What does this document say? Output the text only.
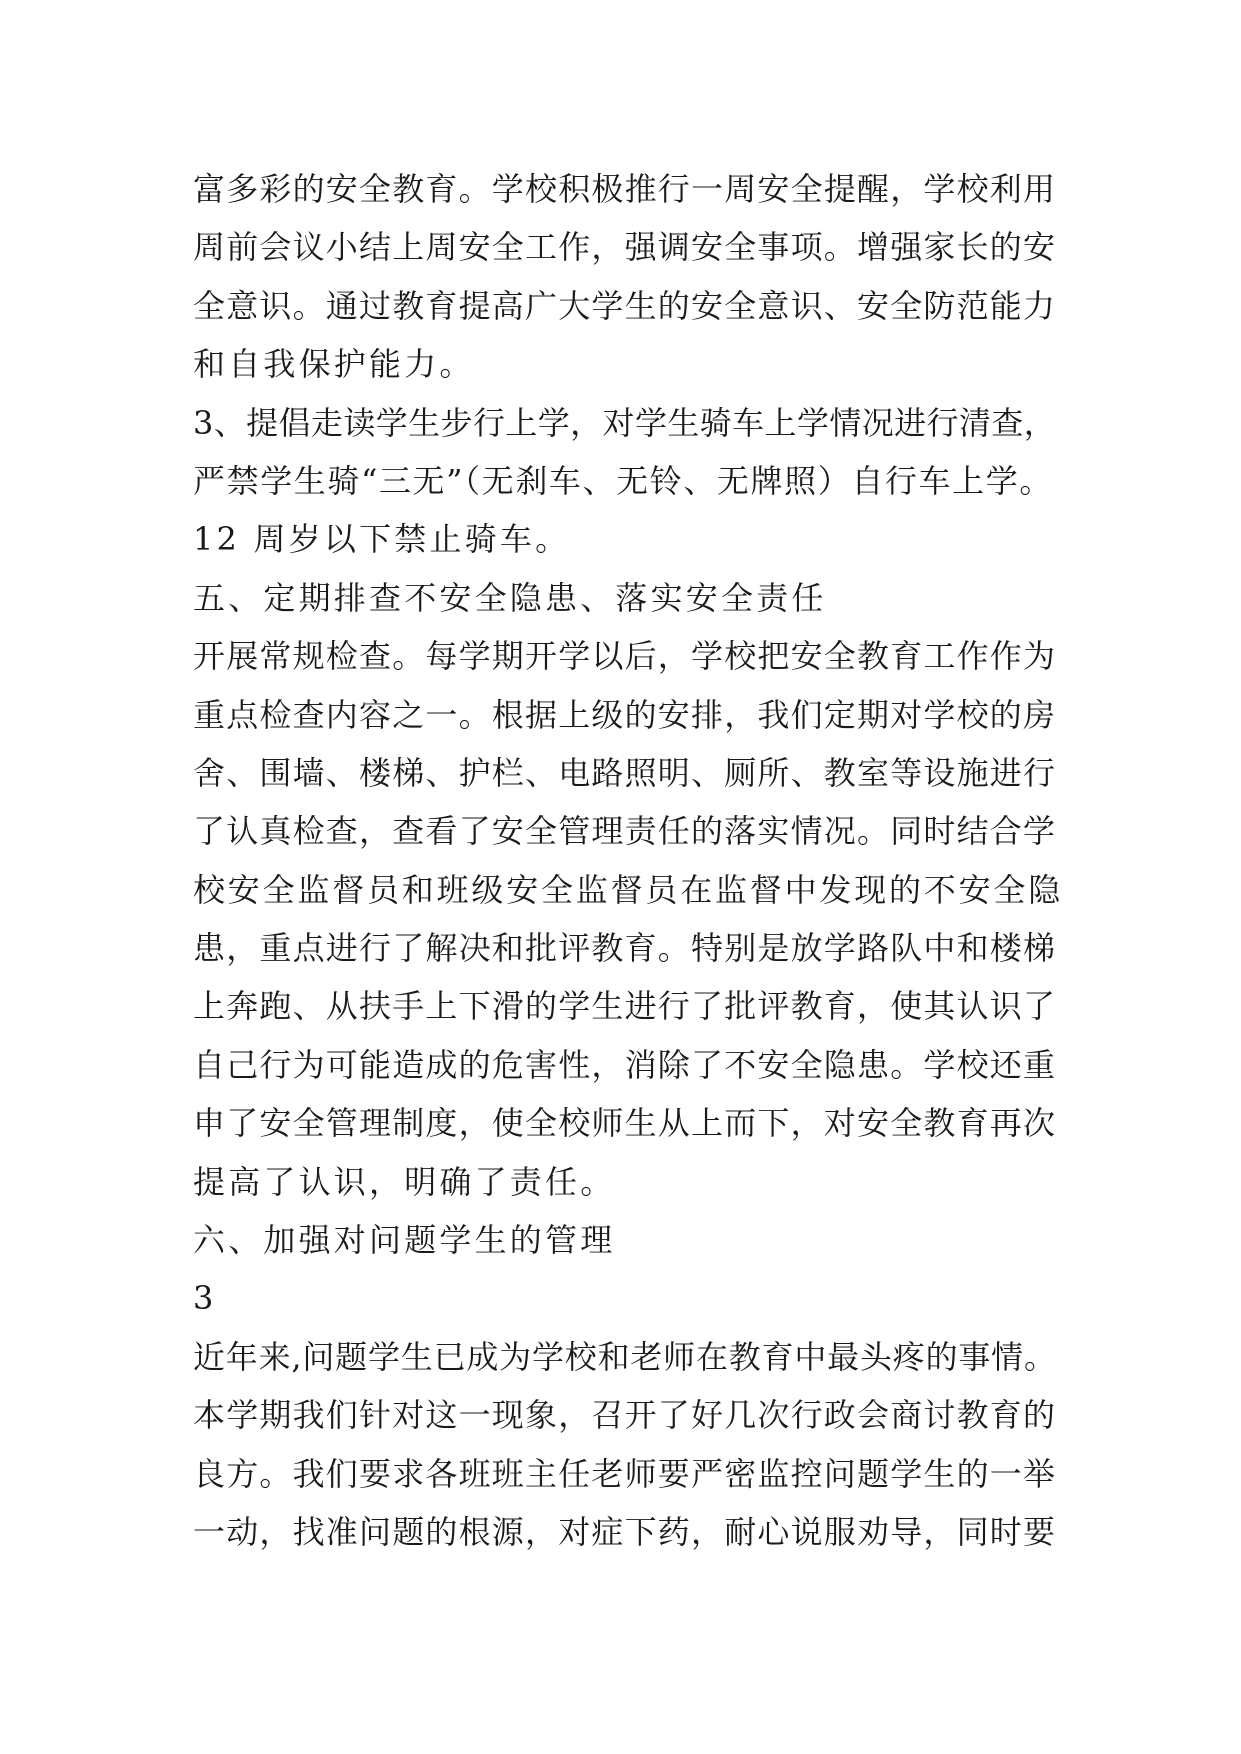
富多彩的安全教育。学校积极推行一周安全提醒，学校利用
周前会议小结上周安全工作，强调安全事项。增强家长的安
全意识。通过教育提高广大学生的安全意识、安全防范能力
和自我保护能力。
3、提倡走读学生步行上学，对学生骑车上学情况进行清查，
严禁学生骑“三无”（无刹车、无铃、无牌照）自行车上学。
12 周岁以下禁止骑车。
五、定期排查不安全隐患、落实安全责任
开展常规检查。每学期开学以后，学校把安全教育工作作为
重点检查内容之一。根据上级的安排，我们定期对学校的房
舍、围墙、楼梯、护栏、电路照明、厕所、教室等设施进行
了认真检查，查看了安全管理责任的落实情况。同时结合学
校安全监督员和班级安全监督员在监督中发现的不安全隐
患，重点进行了解决和批评教育。特别是放学路队中和楼梯
上奔跑、从扶手上下滑的学生进行了批评教育，使其认识了
自己行为可能造成的危害性，消除了不安全隐患。学校还重
申了安全管理制度，使全校师生从上而下，对安全教育再次
提高了认识，明确了责任。
六、加强对问题学生的管理
3
近年来,问题学生已成为学校和老师在教育中最头疼的事情。
本学期我们针对这一现象，召开了好几次行政会商讨教育的
良方。我们要求各班班主任老师要严密监控问题学生的一举
一动，找准问题的根源，对症下药，耐心说服劝导，同时要
